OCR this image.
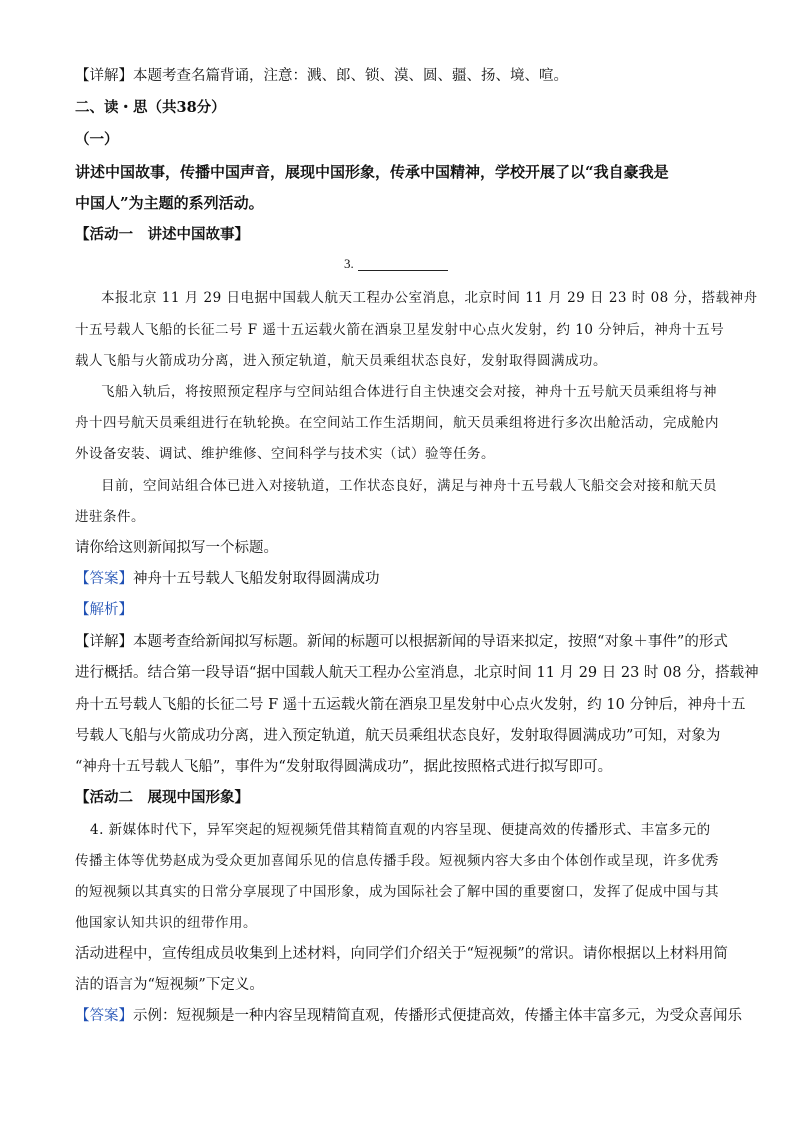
【详解】本题考查名篇背诵，注意：溅、郎、锁、漠、圆、疆、扬、境、喧。
二、读・思（共38分）
（一）
讲述中国故事，传播中国声音，展现中国形象，传承中国精神，学校开展了以“我自豪我是
中国人”为主题的系列活动。
【活动一　讲述中国故事】
3.
本报北京 11 月 29 日电据中国载人航天工程办公室消息，北京时间 11 月 29 日 23 时 08 分，搭载神舟
十五号载人飞船的长征二号 F 遥十五运载火箭在酒泉卫星发射中心点火发射，约 10 分钟后，神舟十五号
载人飞船与火箭成功分离，进入预定轨道，航天员乘组状态良好，发射取得圆满成功。
飞船入轨后，将按照预定程序与空间站组合体进行自主快速交会对接，神舟十五号航天员乘组将与神
舟十四号航天员乘组进行在轨轮换。在空间站工作生活期间，航天员乘组将进行多次出舱活动，完成舱内
外设备安装、调试、维护维修、空间科学与技术实（试）验等任务。
目前，空间站组合体已进入对接轨道，工作状态良好，满足与神舟十五号载人飞船交会对接和航天员
进驻条件。
请你给这则新闻拟写一个标题。
【答案】神舟十五号载人飞船发射取得圆满成功
【解析】
【详解】本题考查给新闻拟写标题。新闻的标题可以根据新闻的导语来拟定，按照“对象＋事件”的形式
进行概括。结合第一段导语“据中国载人航天工程办公室消息，北京时间 11 月 29 日 23 时 08 分，搭载神
舟十五号载人飞船的长征二号 F 遥十五运载火箭在酒泉卫星发射中心点火发射，约 10 分钟后，神舟十五
号载人飞船与火箭成功分离，进入预定轨道，航天员乘组状态良好，发射取得圆满成功”可知，对象为
“神舟十五号载人飞船”，事件为“发射取得圆满成功”，据此按照格式进行拟写即可。
【活动二　展现中国形象】
4. 新媒体时代下，异军突起的短视频凭借其精简直观的内容呈现、便捷高效的传播形式、丰富多元的
传播主体等优势赵成为受众更加喜闻乐见的信息传播手段。短视频内容大多由个体创作或呈现，许多优秀
的短视频以其真实的日常分享展现了中国形象，成为国际社会了解中国的重要窗口，发挥了促成中国与其
他国家认知共识的纽带作用。
活动进程中，宣传组成员收集到上述材料，向同学们介绍关于“短视频”的常识。请你根据以上材料用简
洁的语言为“短视频”下定义。
【答案】示例：短视频是一种内容呈现精简直观，传播形式便捷高效，传播主体丰富多元，为受众喜闻乐
